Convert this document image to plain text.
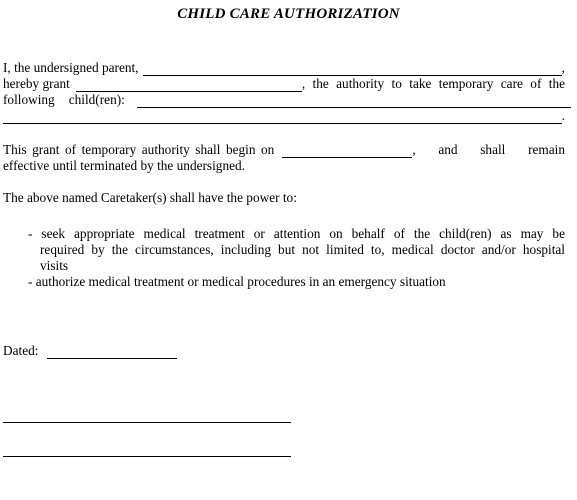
CHILD CARE AUTHORIZATION
I, the undersigned parent,	,
hereby grant	, the authority to take temporary care of the
following child(ren):
.
This grant of temporary authority shall begin on	, and shall remain
effective until terminated by the undersigned.
The above named Caretaker(s) shall have the power to:
- seek appropriate medical treatment or attention on behalf of the child(ren) as may be
required by the circumstances, including but not limited to, medical doctor and/or hospital
visits
- authorize medical treatment or medical procedures in an emergency situation
Dated:
